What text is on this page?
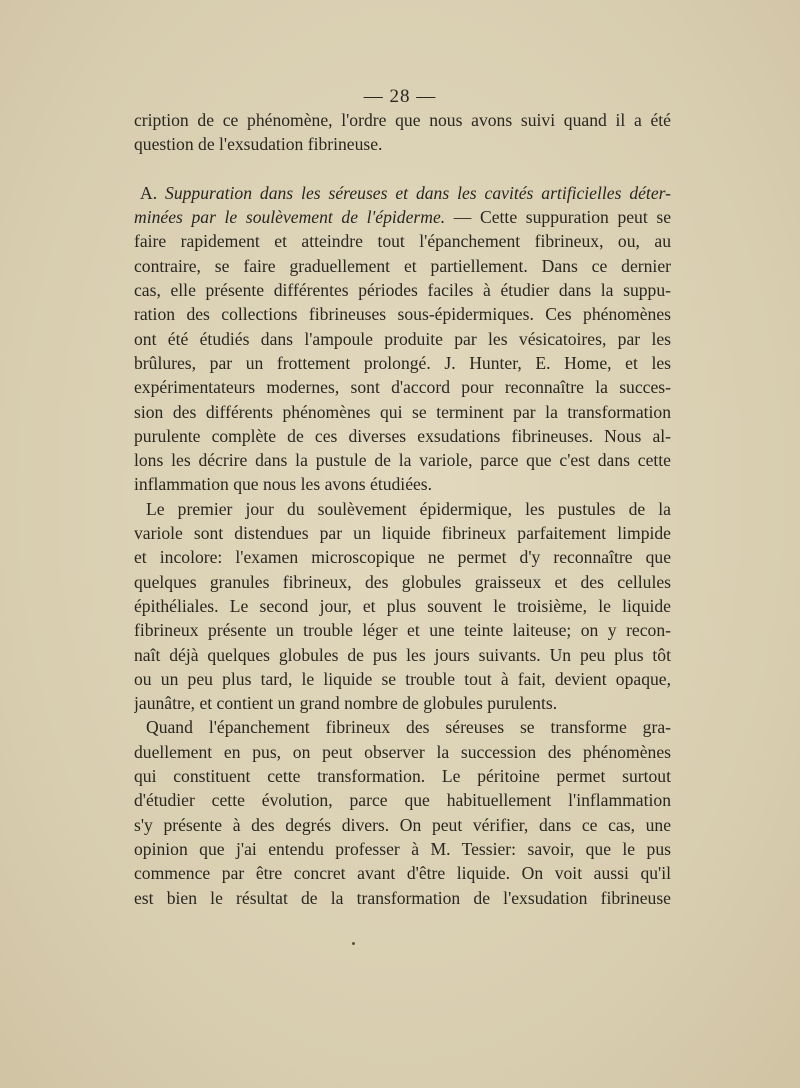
— 28 —
cription de ce phénomène, l'ordre que nous avons suivi quand il a été
question de l'exsudation fibrineuse.
A. Suppuration dans les séreuses et dans les cavités artificielles déter-
minées par le soulèvement de l'épiderme. — Cette suppuration peut se
faire rapidement et atteindre tout l'épanchement fibrineux, ou, au
contraire, se faire graduellement et partiellement. Dans ce dernier
cas, elle présente différentes périodes faciles à étudier dans la suppu-
ration des collections fibrineuses sous-épidermiques. Ces phénomènes
ont été étudiés dans l'ampoule produite par les vésicatoires, par les
brûlures, par un frottement prolongé. J. Hunter, E. Home, et les
expérimentateurs modernes, sont d'accord pour reconnaître la succes-
sion des différents phénomènes qui se terminent par la transformation
purulente complète de ces diverses exsudations fibrineuses. Nous al-
lons les décrire dans la pustule de la variole, parce que c'est dans cette
inflammation que nous les avons étudiées.
Le premier jour du soulèvement épidermique, les pustules de la
variole sont distendues par un liquide fibrineux parfaitement limpide
et incolore: l'examen microscopique ne permet d'y reconnaître que
quelques granules fibrineux, des globules graisseux et des cellules
épithéliales. Le second jour, et plus souvent le troisième, le liquide
fibrineux présente un trouble léger et une teinte laiteuse; on y recon-
naît déjà quelques globules de pus les jours suivants. Un peu plus tôt
ou un peu plus tard, le liquide se trouble tout à fait, devient opaque,
jaunâtre, et contient un grand nombre de globules purulents.
Quand l'épanchement fibrineux des séreuses se transforme gra-
duellement en pus, on peut observer la succession des phénomènes
qui constituent cette transformation. Le péritoine permet surtout
d'étudier cette évolution, parce que habituellement l'inflammation
s'y présente à des degrés divers. On peut vérifier, dans ce cas, une
opinion que j'ai entendu professer à M. Tessier: savoir, que le pus
commence par être concret avant d'être liquide. On voit aussi qu'il
est bien le résultat de la transformation de l'exsudation fibrineuse
